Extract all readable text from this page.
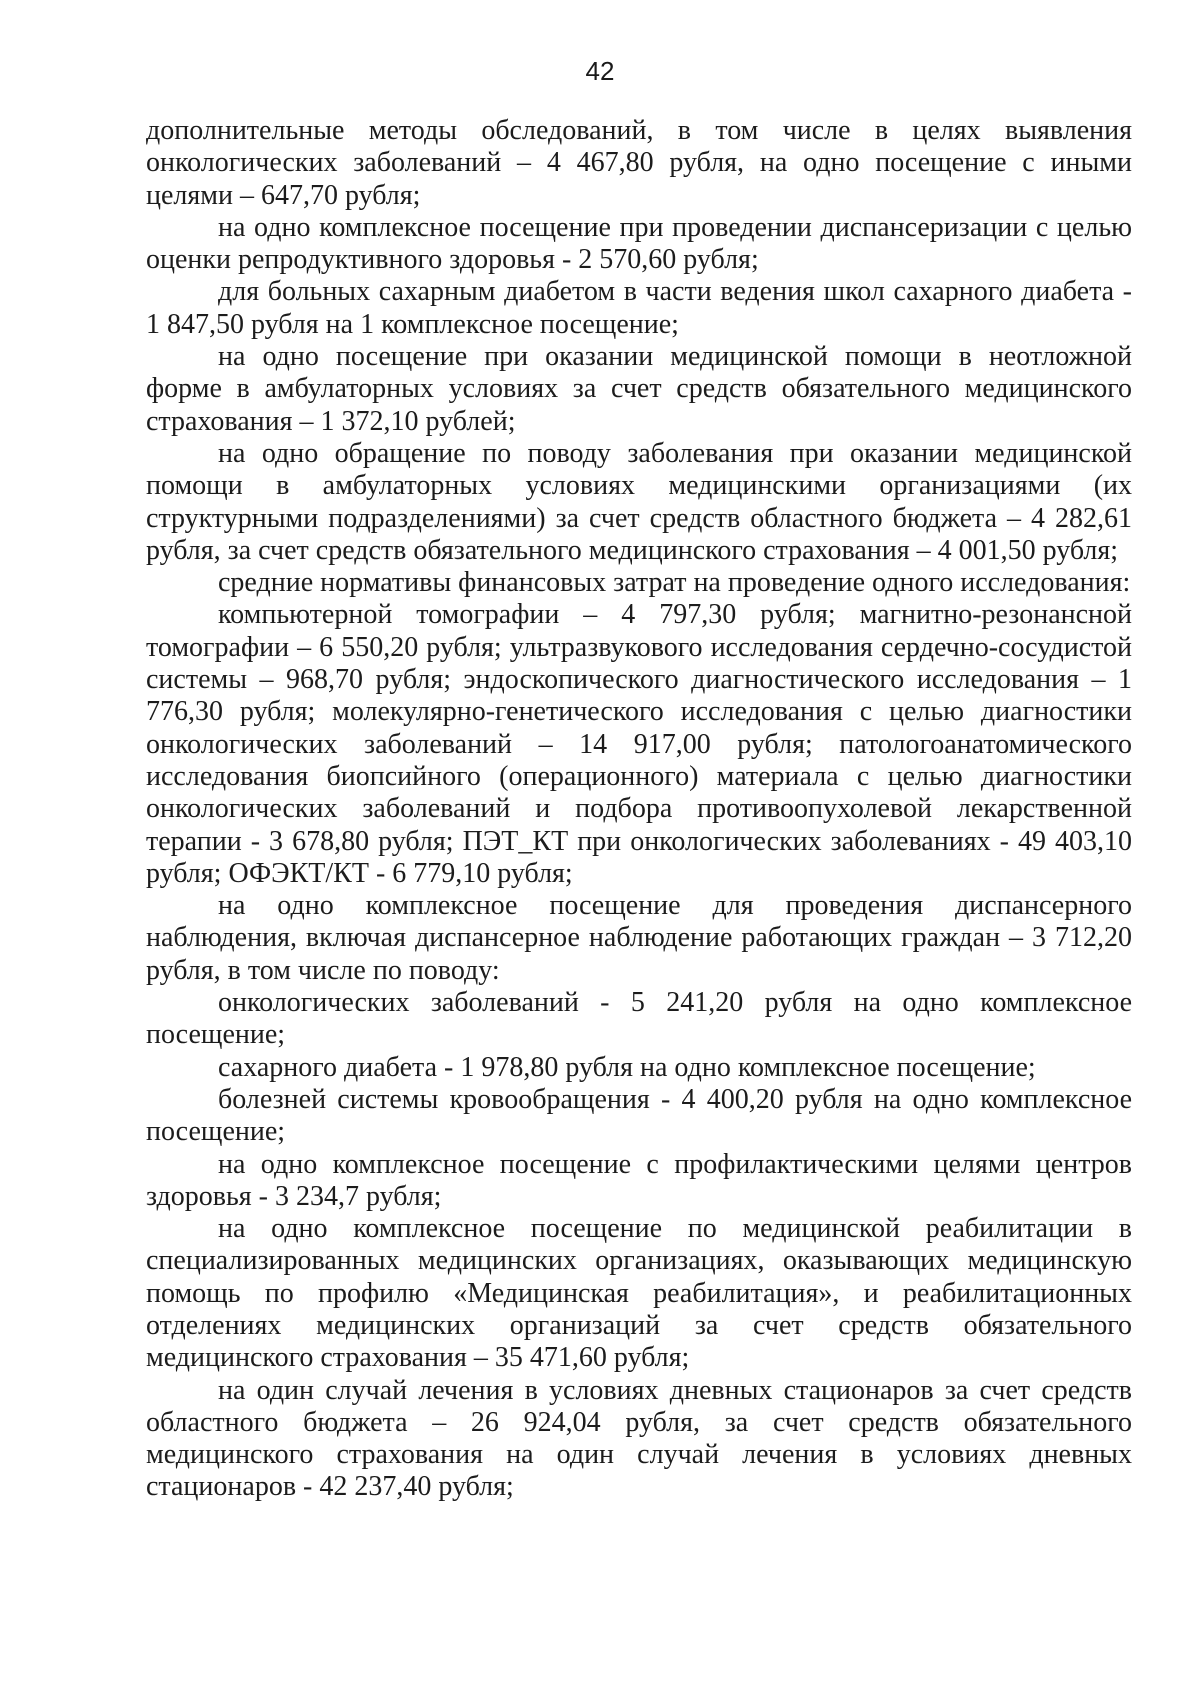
42

дополнительные методы обследований, в том числе в целях выявления онкологических заболеваний – 4 467,80 рубля, на одно посещение с иными целями – 647,70 рубля;

на одно комплексное посещение при проведении диспансеризации с целью оценки репродуктивного здоровья - 2 570,60 рубля;

для больных сахарным диабетом в части ведения школ сахарного диабета - 1 847,50 рубля на 1 комплексное посещение;

на одно посещение при оказании медицинской помощи в неотложной форме в амбулаторных условиях за счет средств обязательного медицинского страхования – 1 372,10 рублей;

на одно обращение по поводу заболевания при оказании медицинской помощи в амбулаторных условиях медицинскими организациями (их структурными подразделениями) за счет средств областного бюджета – 4 282,61 рубля, за счет средств обязательного медицинского страхования – 4 001,50 рубля;

средние нормативы финансовых затрат на проведение одного исследования:

компьютерной томографии – 4 797,30 рубля; магнитно-резонансной томографии – 6 550,20 рубля; ультразвукового исследования сердечно-сосудистой системы – 968,70 рубля; эндоскопического диагностического исследования – 1 776,30 рубля; молекулярно-генетического исследования с целью диагностики онкологических заболеваний – 14 917,00 рубля; патологоанатомического исследования биопсийного (операционного) материала с целью диагностики онкологических заболеваний и подбора противоопухолевой лекарственной терапии - 3 678,80 рубля; ПЭТ_КТ при онкологических заболеваниях - 49 403,10 рубля; ОФЭКТ/КТ - 6 779,10 рубля;

на одно комплексное посещение для проведения диспансерного наблюдения, включая диспансерное наблюдение работающих граждан – 3 712,20 рубля, в том числе по поводу:

онкологических заболеваний - 5 241,20 рубля на одно комплексное посещение;

сахарного диабета - 1 978,80 рубля на одно комплексное посещение;

болезней системы кровообращения - 4 400,20 рубля на одно комплексное посещение;

на одно комплексное посещение с профилактическими целями центров здоровья - 3 234,7 рубля;

на одно комплексное посещение по медицинской реабилитации в специализированных медицинских организациях, оказывающих медицинскую помощь по профилю «Медицинская реабилитация», и реабилитационных отделениях медицинских организаций за счет средств обязательного медицинского страхования – 35 471,60 рубля;

на один случай лечения в условиях дневных стационаров за счет средств областного бюджета – 26 924,04 рубля, за счет средств обязательного медицинского страхования на один случай лечения в условиях дневных стационаров - 42 237,40 рубля;
